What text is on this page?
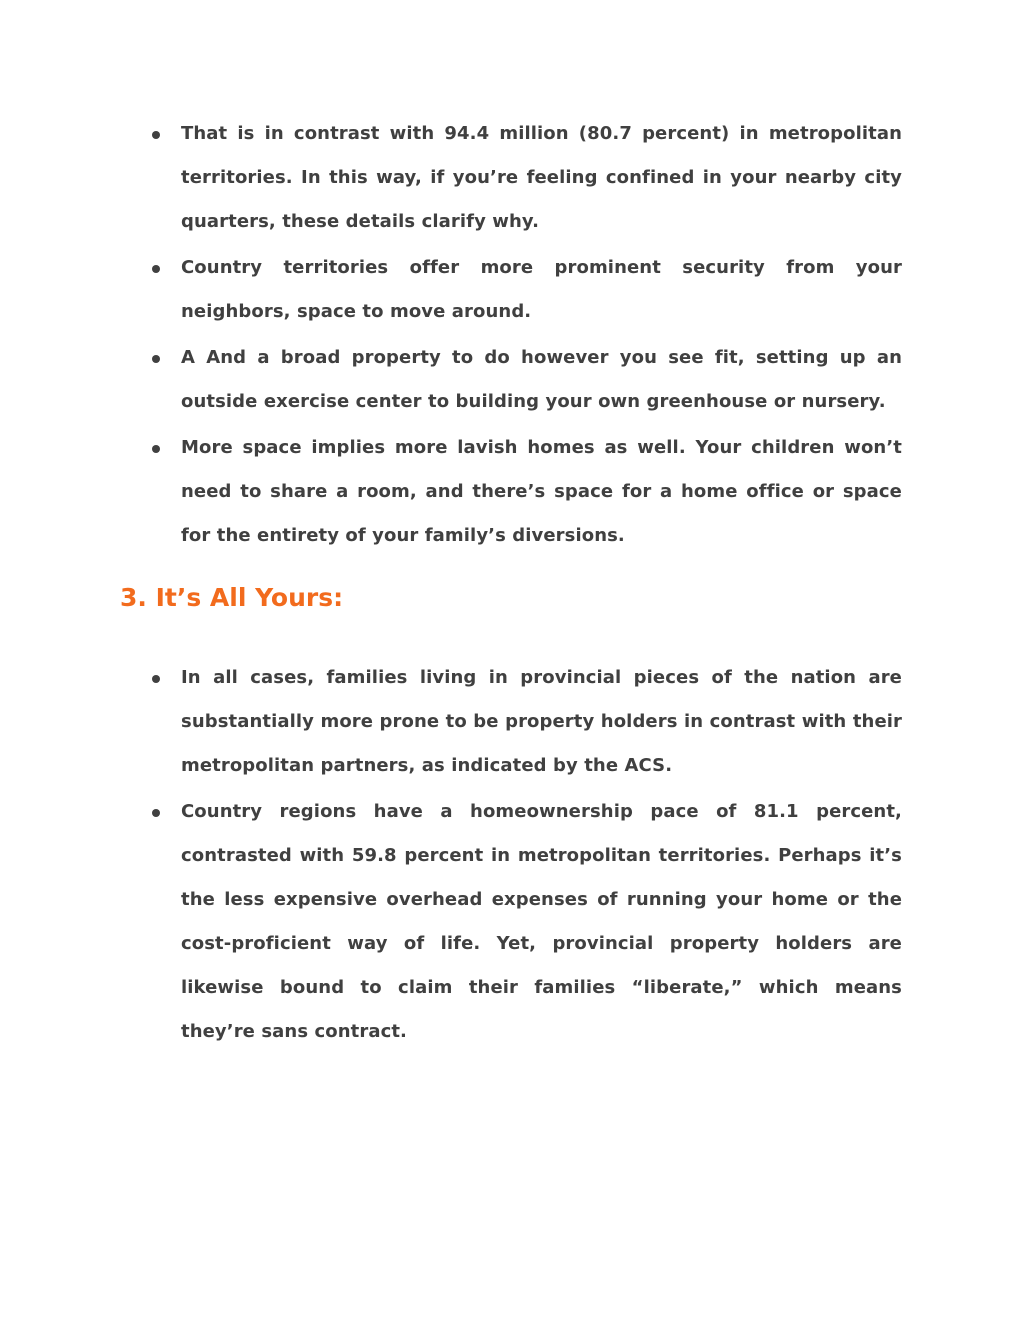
That is in contrast with 94.4 million (80.7 percent) in metropolitan territories. In this way, if you’re feeling confined in your nearby city quarters, these details clarify why.
Country territories offer more prominent security from your neighbors, space to move around.
A And a broad property to do however you see fit, setting up an outside exercise center to building your own greenhouse or nursery.
More space implies more lavish homes as well. Your children won’t need to share a room, and there’s space for a home office or space for the entirety of your family’s diversions.
3. It’s All Yours:
In all cases, families living in provincial pieces of the nation are substantially more prone to be property holders in contrast with their metropolitan partners, as indicated by the ACS.
Country regions have a homeownership pace of 81.1 percent, contrasted with 59.8 percent in metropolitan territories. Perhaps it’s the less expensive overhead expenses of running your home or the cost-proficient way of life. Yet, provincial property holders are likewise bound to claim their families “liberate,” which means they’re sans contract.
